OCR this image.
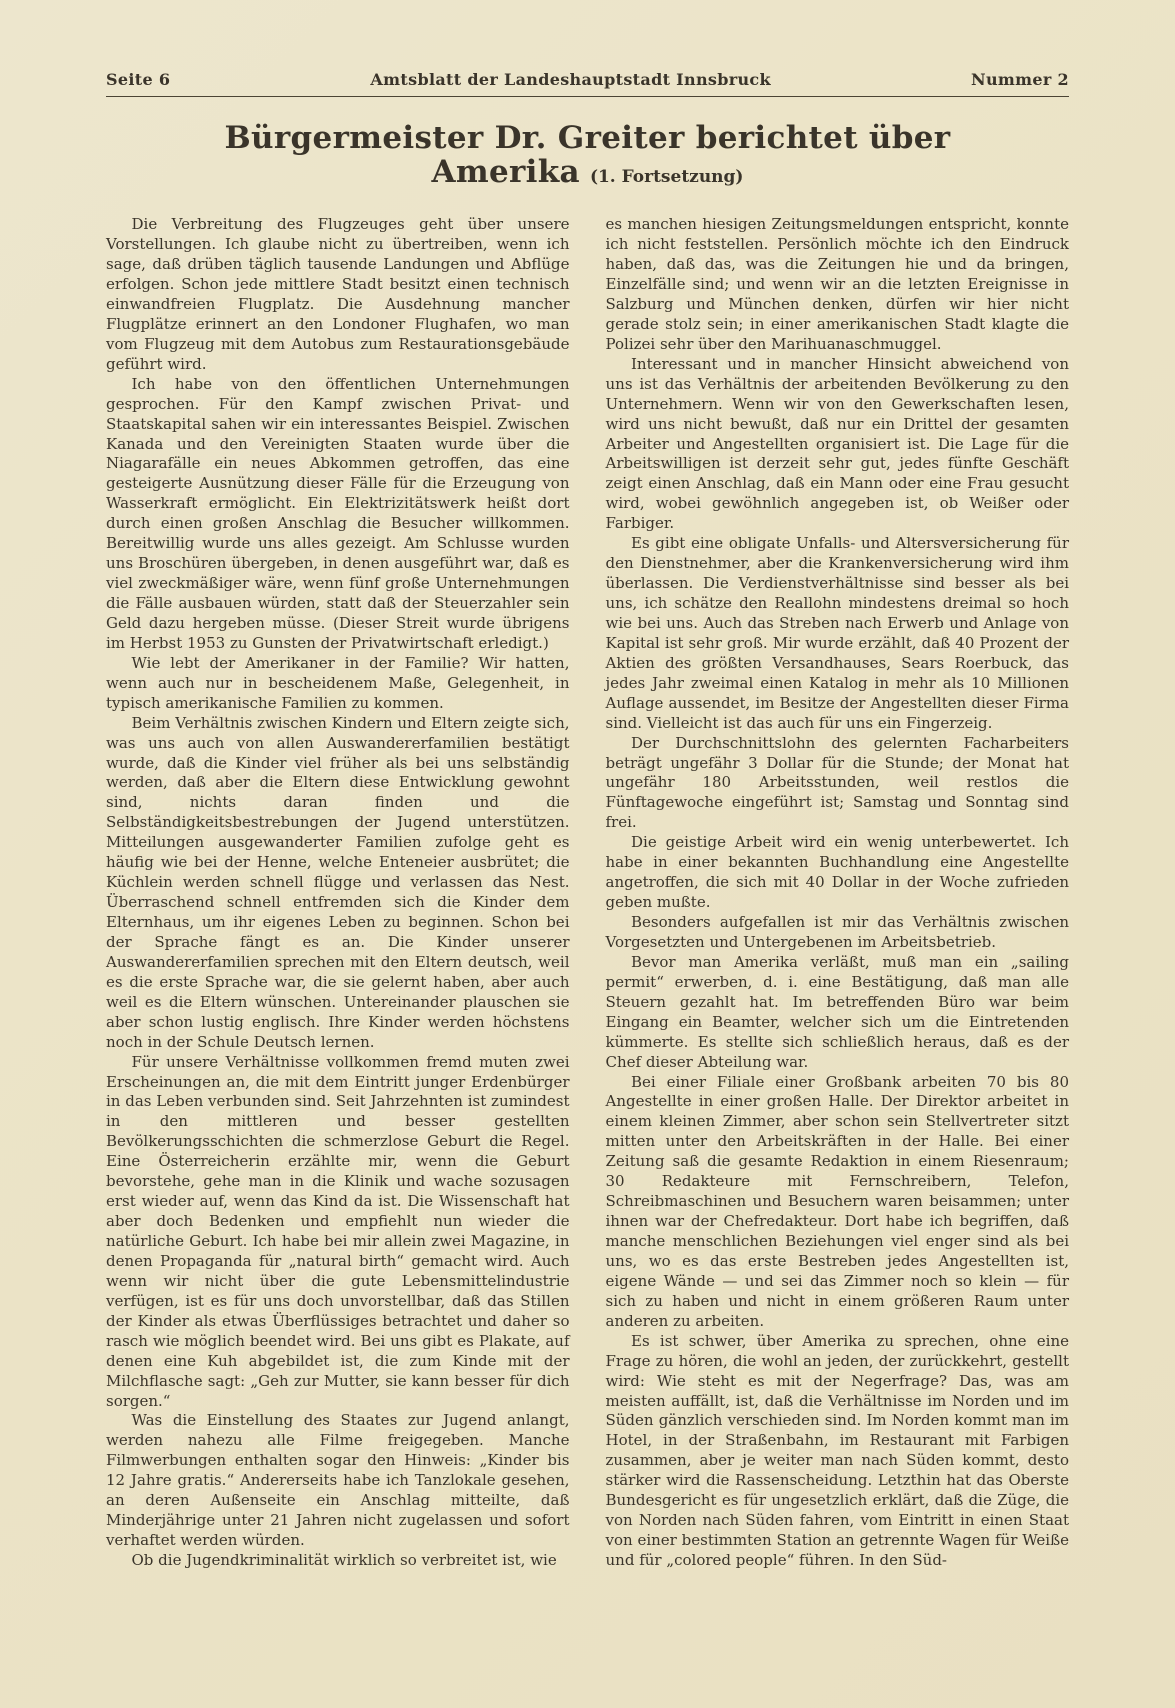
Seite 6	Amtsblatt der Landeshauptstadt Innsbruck	Nummer 2
Bürgermeister Dr. Greiter berichtet über Amerika (1. Fortsetzung)

Die Verbreitung des Flugzeuges geht über unsere Vorstellungen. Ich glaube nicht zu übertreiben, wenn ich sage, daß drüben täglich tausende Landungen und Abflüge erfolgen. Schon jede mittlere Stadt besitzt einen technisch einwandfreien Flugplatz. Die Ausdehnung mancher Flugplätze erinnert an den Londoner Flughafen, wo man vom Flugzeug mit dem Autobus zum Restaurationsgebäude geführt wird.

Ich habe von den öffentlichen Unternehmungen gesprochen. Für den Kampf zwischen Privat- und Staatskapital sahen wir ein interessantes Beispiel. Zwischen Kanada und den Vereinigten Staaten wurde über die Niagarafälle ein neues Abkommen getroffen, das eine gesteigerte Ausnützung dieser Fälle für die Erzeugung von Wasserkraft ermöglicht. Ein Elektrizitätswerk heißt dort durch einen großen Anschlag die Besucher willkommen. Bereitwillig wurde uns alles gezeigt. Am Schlusse wurden uns Broschüren übergeben, in denen ausgeführt war, daß es viel zweckmäßiger wäre, wenn fünf große Unternehmungen die Fälle ausbauen würden, statt daß der Steuerzahler sein Geld dazu hergeben müsse. (Dieser Streit wurde übrigens im Herbst 1953 zu Gunsten der Privatwirtschaft erledigt.)

Wie lebt der Amerikaner in der Familie? Wir hatten, wenn auch nur in bescheidenem Maße, Gelegenheit, in typisch amerikanische Familien zu kommen.

Beim Verhältnis zwischen Kindern und Eltern zeigte sich, was uns auch von allen Auswandererfamilien bestätigt wurde, daß die Kinder viel früher als bei uns selbständig werden, daß aber die Eltern diese Entwicklung gewohnt sind, nichts daran finden und die Selbständigkeitsbestrebungen der Jugend unterstützen. Mitteilungen ausgewanderter Familien zufolge geht es häufig wie bei der Henne, welche Enteneier ausbrütet; die Küchlein werden schnell flügge und verlassen das Nest. Überraschend schnell entfremden sich die Kinder dem Elternhaus, um ihr eigenes Leben zu beginnen. Schon bei der Sprache fängt es an. Die Kinder unserer Auswandererfamilien sprechen mit den Eltern deutsch, weil es die erste Sprache war, die sie gelernt haben, aber auch weil es die Eltern wünschen. Untereinander plauschen sie aber schon lustig englisch. Ihre Kinder werden höchstens noch in der Schule Deutsch lernen.

Für unsere Verhältnisse vollkommen fremd muten zwei Erscheinungen an, die mit dem Eintritt junger Erdenbürger in das Leben verbunden sind. Seit Jahrzehnten ist zumindest in den mittleren und besser gestellten Bevölkerungsschichten die schmerzlose Geburt die Regel. Eine Österreicherin erzählte mir, wenn die Geburt bevorstehe, gehe man in die Klinik und wache sozusagen erst wieder auf, wenn das Kind da ist. Die Wissenschaft hat aber doch Bedenken und empfiehlt nun wieder die natürliche Geburt. Ich habe bei mir allein zwei Magazine, in denen Propaganda für „natural birth“ gemacht wird. Auch wenn wir nicht über die gute Lebensmittelindustrie verfügen, ist es für uns doch unvorstellbar, daß das Stillen der Kinder als etwas Überflüssiges betrachtet und daher so rasch wie möglich beendet wird. Bei uns gibt es Plakate, auf denen eine Kuh abgebildet ist, die zum Kinde mit der Milchflasche sagt: „Geh zur Mutter, sie kann besser für dich sorgen.“

Was die Einstellung des Staates zur Jugend anlangt, werden nahezu alle Filme freigegeben. Manche Filmwerbungen enthalten sogar den Hinweis: „Kinder bis 12 Jahre gratis.“ Andererseits habe ich Tanzlokale gesehen, an deren Außenseite ein Anschlag mitteilte, daß Minderjährige unter 21 Jahren nicht zugelassen und sofort verhaftet werden würden.

Ob die Jugendkriminalität wirklich so verbreitet ist, wie

es manchen hiesigen Zeitungsmeldungen entspricht, konnte ich nicht feststellen. Persönlich möchte ich den Eindruck haben, daß das, was die Zeitungen hie und da bringen, Einzelfälle sind; und wenn wir an die letzten Ereignisse in Salzburg und München denken, dürfen wir hier nicht gerade stolz sein; in einer amerikanischen Stadt klagte die Polizei sehr über den Marihuanaschmuggel.

Interessant und in mancher Hinsicht abweichend von uns ist das Verhältnis der arbeitenden Bevölkerung zu den Unternehmern. Wenn wir von den Gewerkschaften lesen, wird uns nicht bewußt, daß nur ein Drittel der gesamten Arbeiter und Angestellten organisiert ist. Die Lage für die Arbeitswilligen ist derzeit sehr gut, jedes fünfte Geschäft zeigt einen Anschlag, daß ein Mann oder eine Frau gesucht wird, wobei gewöhnlich angegeben ist, ob Weißer oder Farbiger.

Es gibt eine obligate Unfalls- und Altersversicherung für den Dienstnehmer, aber die Krankenversicherung wird ihm überlassen. Die Verdienstverhältnisse sind besser als bei uns, ich schätze den Reallohn mindestens dreimal so hoch wie bei uns. Auch das Streben nach Erwerb und Anlage von Kapital ist sehr groß. Mir wurde erzählt, daß 40 Prozent der Aktien des größten Versandhauses, Sears Roerbuck, das jedes Jahr zweimal einen Katalog in mehr als 10 Millionen Auflage aussendet, im Besitze der Angestellten dieser Firma sind. Vielleicht ist das auch für uns ein Fingerzeig.

Der Durchschnittslohn des gelernten Facharbeiters beträgt ungefähr 3 Dollar für die Stunde; der Monat hat ungefähr 180 Arbeitsstunden, weil restlos die Fünftagewoche eingeführt ist; Samstag und Sonntag sind frei.

Die geistige Arbeit wird ein wenig unterbewertet. Ich habe in einer bekannten Buchhandlung eine Angestellte angetroffen, die sich mit 40 Dollar in der Woche zufrieden geben mußte.

Besonders aufgefallen ist mir das Verhältnis zwischen Vorgesetzten und Untergebenen im Arbeitsbetrieb.

Bevor man Amerika verläßt, muß man ein „sailing permit“ erwerben, d. i. eine Bestätigung, daß man alle Steuern gezahlt hat. Im betreffenden Büro war beim Eingang ein Beamter, welcher sich um die Eintretenden kümmerte. Es stellte sich schließlich heraus, daß es der Chef dieser Abteilung war.

Bei einer Filiale einer Großbank arbeiten 70 bis 80 Angestellte in einer großen Halle. Der Direktor arbeitet in einem kleinen Zimmer, aber schon sein Stellvertreter sitzt mitten unter den Arbeitskräften in der Halle. Bei einer Zeitung saß die gesamte Redaktion in einem Riesenraum; 30 Redakteure mit Fernschreibern, Telefon, Schreibmaschinen und Besuchern waren beisammen; unter ihnen war der Chefredakteur. Dort habe ich begriffen, daß manche menschlichen Beziehungen viel enger sind als bei uns, wo es das erste Bestreben jedes Angestellten ist, eigene Wände — und sei das Zimmer noch so klein — für sich zu haben und nicht in einem größeren Raum unter anderen zu arbeiten.

Es ist schwer, über Amerika zu sprechen, ohne eine Frage zu hören, die wohl an jeden, der zurückkehrt, gestellt wird: Wie steht es mit der Negerfrage? Das, was am meisten auffällt, ist, daß die Verhältnisse im Norden und im Süden gänzlich verschieden sind. Im Norden kommt man im Hotel, in der Straßenbahn, im Restaurant mit Farbigen zusammen, aber je weiter man nach Süden kommt, desto stärker wird die Rassenscheidung. Letzthin hat das Oberste Bundesgericht es für ungesetzlich erklärt, daß die Züge, die von Norden nach Süden fahren, vom Eintritt in einen Staat von einer bestimmten Station an getrennte Wagen für Weiße und für „colored people“ führen. In den Süd-
